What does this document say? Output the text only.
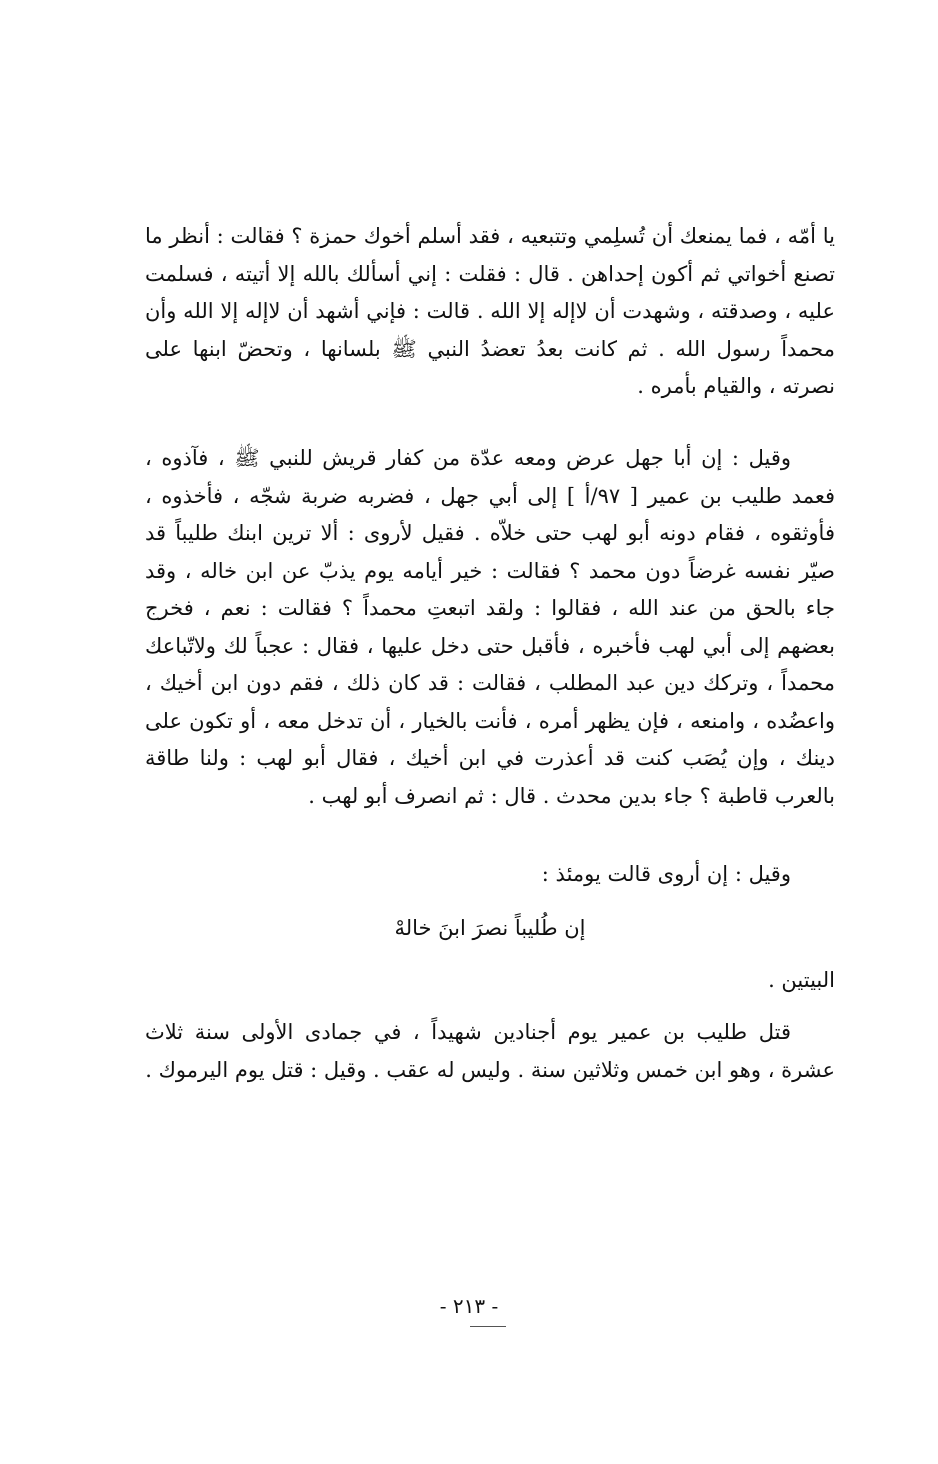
يا أمّه ، فما يمنعك أن تُسلِمي وتتبعيه ، فقد أسلم أخوك حمزة ؟ فقالت : أنظر ما تصنع أخواتي ثم أكون إحداهن . قال : فقلت : إني أسألك بالله إلا أتيته ، فسلمت عليه ، وصدقته ، وشهدت أن لاإله إلا الله . قالت : فإني أشهد أن لاإله إلا الله وأن محمداً رسول الله . ثم كانت بعدُ تعضدُ النبي ﷺ بلسانها ، وتحضّ ابنها على نصرته ، والقيام بأمره .

وقيل : إن أبا جهل عرض ومعه عدّة من كفار قريش للنبي ﷺ ، فآذوه ، فعمد طليب بن عمير [ ٩٧/أ ] إلى أبي جهل ، فضربه ضربة شجّه ، فأخذوه ، فأوثقوه ، فقام دونه أبو لهب حتى خلاّه . فقيل لأروى : ألا ترين ابنك طليباً قد صيّر نفسه غرضاً دون محمد ؟ فقالت : خير أيامه يوم يذبّ عن ابن خاله ، وقد جاء بالحق من عند الله ، فقالوا : ولقد اتبعتِ محمداً ؟ فقالت : نعم ، فخرج بعضهم إلى أبي لهب فأخبره ، فأقبل حتى دخل عليها ، فقال : عجباً لك ولاتّباعك محمداً ، وتركك دين عبد المطلب ، فقالت : قد كان ذلك ، فقم دون ابن أخيك ، واعضُده ، وامنعه ، فإن يظهر أمره ، فأنت بالخيار ، أن تدخل معه ، أو تكون على دينك ، وإن يُصَب كنت قد أعذرت في ابن أخيك ، فقال أبو لهب : ولنا طاقة بالعرب قاطبة ؟ جاء بدين محدث . قال : ثم انصرف أبو لهب .

وقيل : إن أروى قالت يومئذ :

إن طُليباً نصرَ ابنَ خالهْ

البيتين .

قتل طليب بن عمير يوم أجنادين شهيداً ، في جمادى الأولى سنة ثلاث عشرة ، وهو ابن خمس وثلاثين سنة . وليس له عقب . وقيل : قتل يوم اليرموك .

- ٢١٣ -
